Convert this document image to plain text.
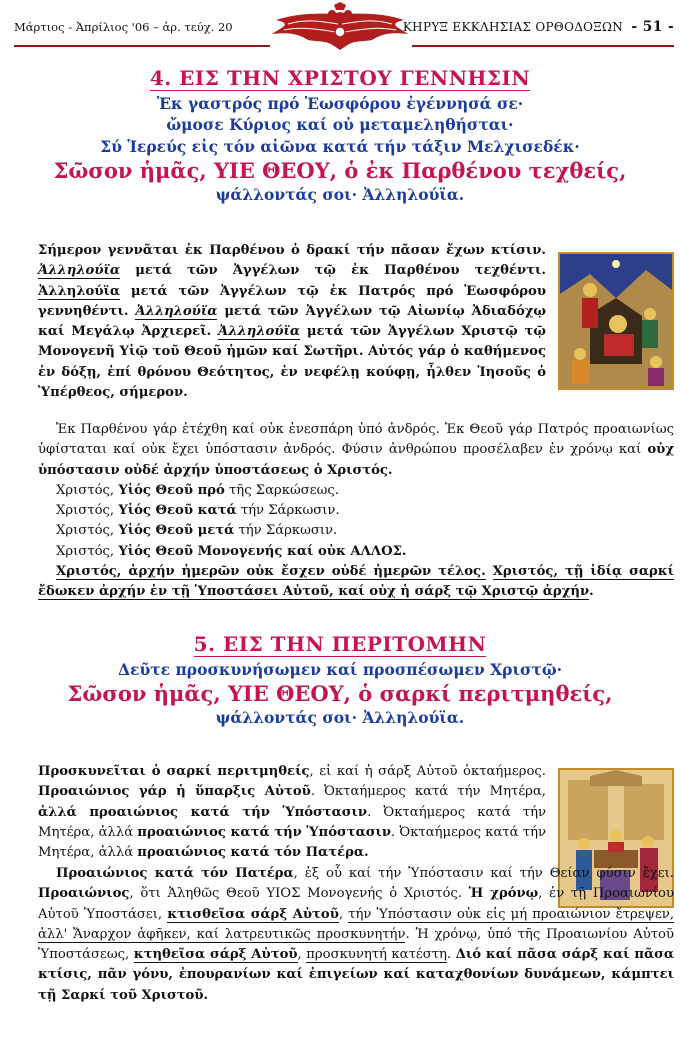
Μάρτιος - Ἀπρίλιος '06 – ἀρ. τεύχ. 20	ΚΗΡΥΞ ΕΚΚΛΗΣΙΑΣ ΟΡΘΟΔΟΞΩΝ - 51 -
4. ΕΙΣ ΤΗΝ ΧΡΙΣΤΟΥ ΓΕΝΝΗΣΙΝ
Ἐκ γαστρός πρό Ἑωσφόρου ἐγέννησά σε·
ὤμοσε Κύριος καί οὐ μεταμεληθήσται·
Σύ Ἱερεύς εἰς τόν αἰῶνα κατά τήν τάξιν Μελχισεδέκ·
Σῶσον ἡμᾶς, ΥΙΕ ΘΕΟΥ, ὁ ἐκ Παρθένου τεχθείς,
ψάλλοντάς σοι· Ἀλληλούϊα.

Σήμερον γεννᾶται ἐκ Παρθένου ὁ δρακί τήν πᾶσαν ἔχων κτίσιν. Ἀλληλούϊα μετά τῶν Ἀγγέλων τῷ ἐκ Παρθένου τεχθέντι. Ἀλληλούϊα μετά τῶν Ἀγγέλων τῷ ἐκ Πατρός πρό Ἑωσφόρου γεννηθέντι. Ἀλληλούϊα μετά τῶν Ἀγγέλων τῷ Αἰωνίῳ Ἀδιαδόχῳ καί Μεγάλῳ Ἀρχιερεῖ. Ἀλληλούϊα μετά τῶν Ἀγγέλων Χριστῷ τῷ Μονογενῆ Υἱῷ τοῦ Θεοῦ ἡμῶν καί Σωτῆρι. Αὐτός γάρ ὁ καθήμενος ἐν δόξῃ, ἐπί θρόνου Θεότητος, ἐν νεφέλῃ κούφῃ, ἦλθεν Ἰησοῦς ὁ Ὑπέρθεος, σήμερον.

Ἐκ Παρθένου γάρ ἐτέχθη καί οὐκ ἐνεσπάρη ὑπό ἀνδρός. Ἐκ Θεοῦ γάρ Πατρός προαιωνίως ὑφίσταται καί οὐκ ἔχει ὑπόστασιν ἀνδρός. Φύσιν ἀνθρώπου προσέλαβεν ἐν χρόνῳ καί οὐχ ὑπόστασιν οὐδέ ἀρχήν ὑποστάσεως ὁ Χριστός.

Χριστός, Υἱός Θεοῦ πρό τῆς Σαρκώσεως.

Χριστός, Υἱός Θεοῦ κατά τήν Σάρκωσιν.

Χριστός, Υἱός Θεοῦ μετά τήν Σάρκωσιν.

Χριστός, Υἱός Θεοῦ Μονογενής καί οὐκ ΑΛΛΟΣ.

Χριστός, ἀρχήν ἡμερῶν οὐκ ἔσχεν οὐδέ ἡμερῶν τέλος. Χριστός, τῇ ἰδίᾳ σαρκί ἔδωκεν ἀρχήν ἐν τῇ Ὑποστάσει Αὐτοῦ, καί οὐχ ἡ σάρξ τῷ Χριστῷ ἀρχήν.

5. ΕΙΣ ΤΗΝ ΠΕΡΙΤΟΜΗΝ
Δεῦτε προσκυνήσωμεν καί προσπέσωμεν Χριστῷ·
Σῶσον ἡμᾶς, ΥΙΕ ΘΕΟΥ, ὁ σαρκί περιτμηθείς,
ψάλλοντάς σοι· Ἀλληλούϊα.

Προσκυνεῖται ὁ σαρκί περιτμηθείς, εἰ καί ἡ σάρξ Αὐτοῦ ὀκταήμερος. Προαιώνιος γάρ ἡ ὕπαρξις Αὐτοῦ. Ὀκταήμερος κατά τήν Μητέρα, ἀλλά προαιώνιος κατά τήν Ὑπόστασιν. Ὀκταήμερος κατά τήν Μητέρα, ἀλλά προαιώνιος κατά τήν Ὑπόστασιν. Ὀκταήμερος κατά τήν Μητέρα, ἀλλά προαιώνιος κατά τόν Πατέρα.

Προαιώνιος κατά τόν Πατέρα, ἐξ οὗ καί τήν Ὑπόστασιν καί τήν Θείαν φύσιν ἔχει. Προαιώνιος, ὅτι Ἀληθῶς Θεοῦ ΥΙΟΣ Μονογενής ὁ Χριστός. Ἡ χρόνῳ, ἐν τῇ Προαιωνίου Αὐτοῦ Ὑποστάσει, κτισθεῖσα σάρξ Αὐτοῦ, τήν Ὑπόστασιν οὐκ εἰς μή προαιώνιον ἔτρεψεν, ἀλλ' Ἄναρχον ἀφῆκεν, καί λατρευτικῶς προσκυνητήν. Ἡ χρόνῳ, ὑπό τῆς Προαιωνίου Αὐτοῦ Ὑποστάσεως, κτηθεῖσα σάρξ Αὐτοῦ, προσκυνητή κατέστη. Διό καί πᾶσα σάρξ καί πᾶσα κτίσις, πᾶν γόνυ, ἐπουρανίων καί ἐπιγείων καί καταχθονίων δυνάμεων, κάμπτει τῇ Σαρκί τοῦ Χριστοῦ.
